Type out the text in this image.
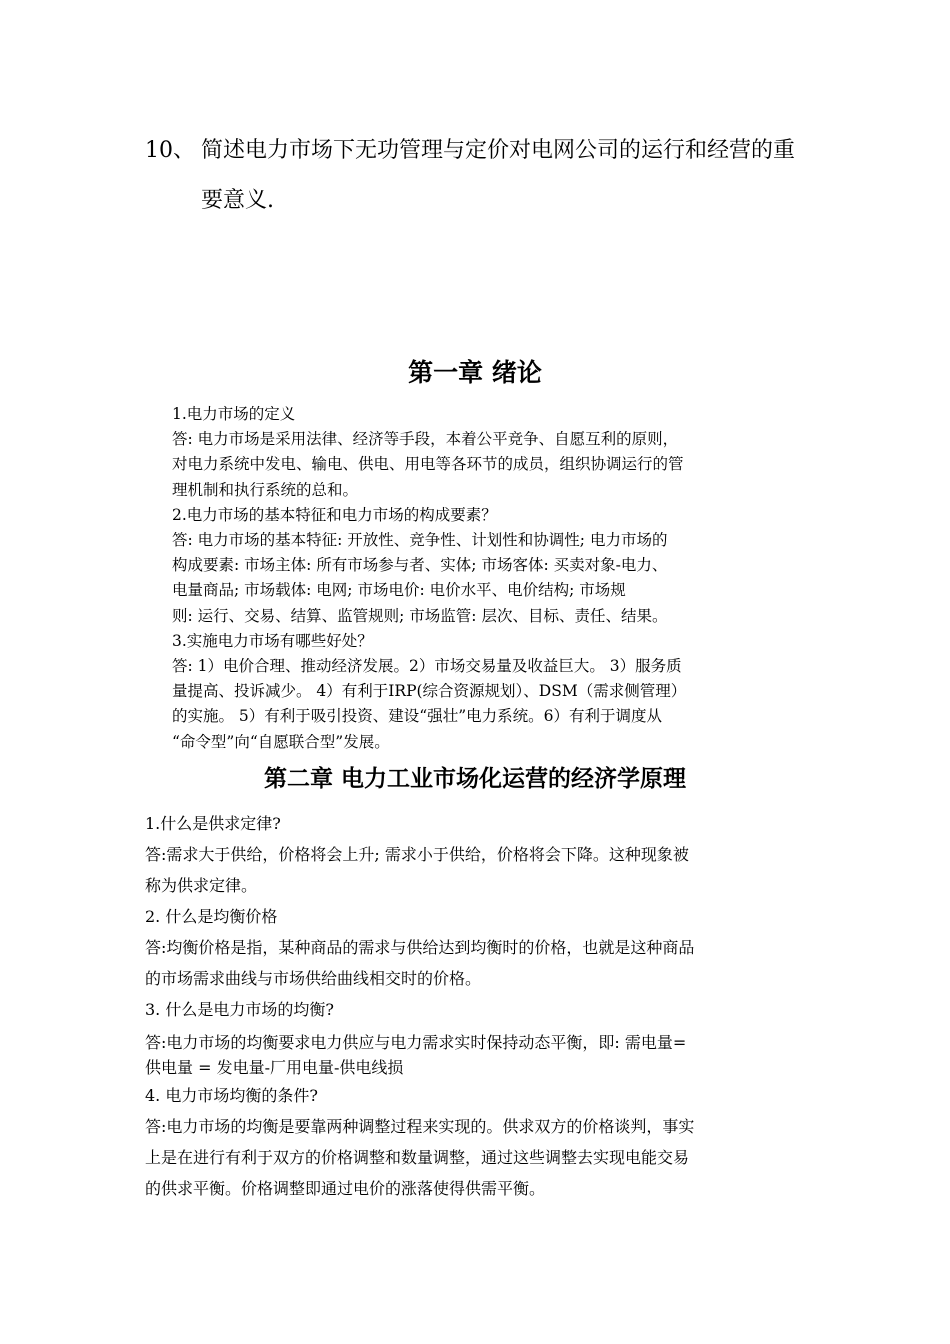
10、 简述电力市场下无功管理与定价对电网公司的运行和经营的重
要意义.
第一章 绪论

1.电力市场的定义

答: 电力市场是采用法律、经济等手段，本着公平竞争、自愿互利的原则，

对电力系统中发电、输电、供电、用电等各环节的成员，组织协调运行的管

理机制和执行系统的总和。

2.电力市场的基本特征和电力市场的构成要素？

答: 电力市场的基本特征: 开放性、竞争性、计划性和协调性; 电力市场的

构成要素: 市场主体: 所有市场参与者、实体; 市场客体: 买卖对象-电力、

电量商品; 市场载体: 电网; 市场电价: 电价水平、电价结构; 市场规

则: 运行、交易、结算、监管规则; 市场监管: 层次、目标、责任、结果。

3.实施电力市场有哪些好处？

答: 1）电价合理、推动经济发展。2）市场交易量及收益巨大。 3）服务质

量提高、投诉减少。 4）有利于IRP(综合资源规划）、DSM（需求侧管理）

的实施。 5）有利于吸引投资、建设“强壮”电力系统。6）有利于调度从

“命令型”向“自愿联合型”发展。

第二章 电力工业市场化运营的经济学原理

1.什么是供求定律?

答:需求大于供给，价格将会上升; 需求小于供给，价格将会下降。这种现象被

称为供求定律。

2. 什么是均衡价格

答:均衡价格是指，某种商品的需求与供给达到均衡时的价格，也就是这种商品

的市场需求曲线与市场供给曲线相交时的价格。

3. 什么是电力市场的均衡?

答:电力市场的均衡要求电力供应与电力需求实时保持动态平衡，即: 需电量=

供电量 = 发电量-厂用电量-供电线损

4. 电力市场均衡的条件?

答:电力市场的均衡是要靠两种调整过程来实现的。供求双方的价格谈判，事实

上是在进行有利于双方的价格调整和数量调整，通过这些调整去实现电能交易

的供求平衡。价格调整即通过电价的涨落使得供需平衡。
